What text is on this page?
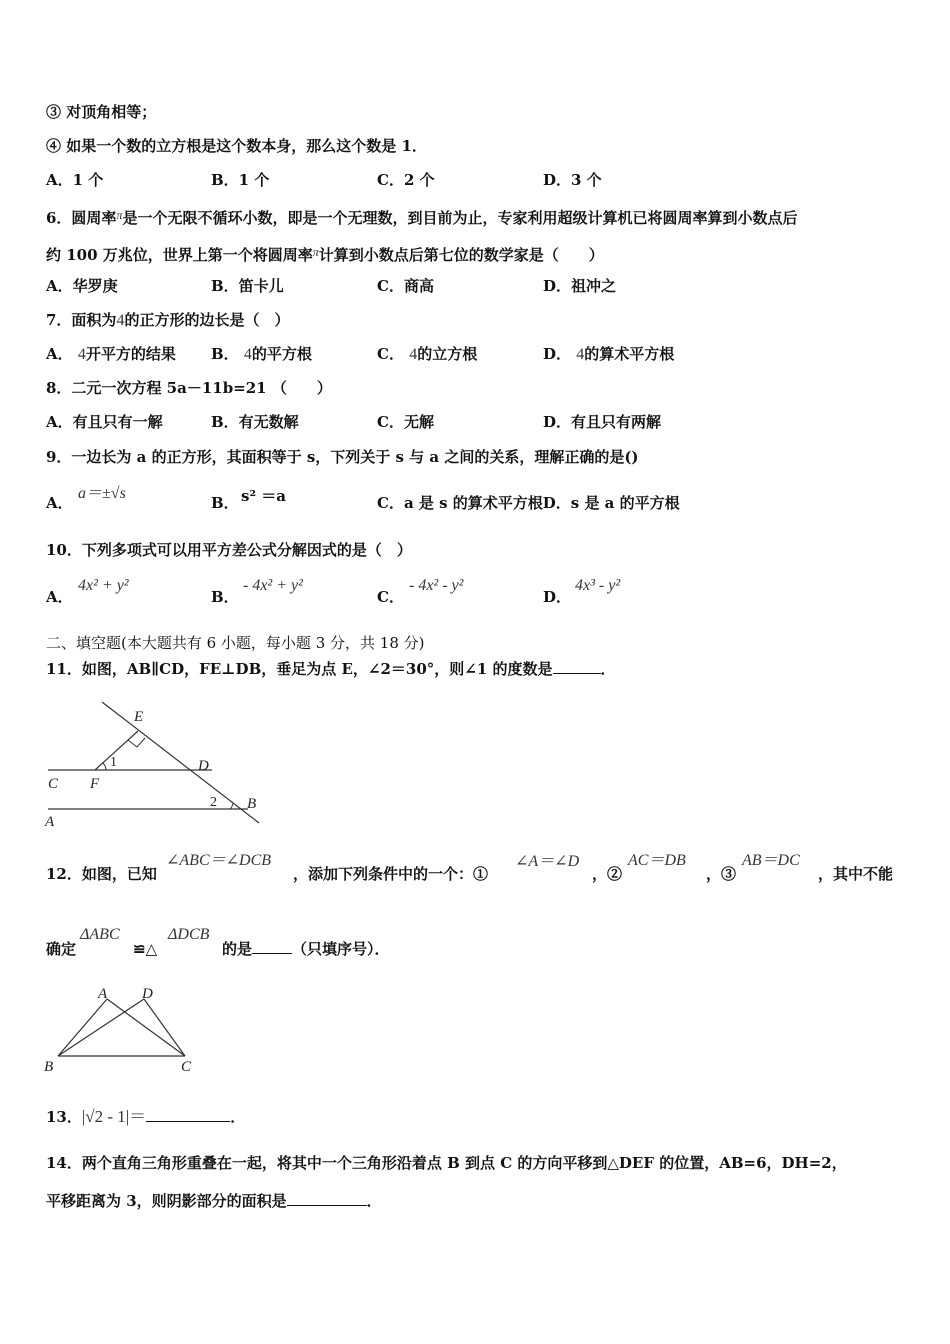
③ 对顶角相等；
④ 如果一个数的立方根是这个数本身，那么这个数是 1．
A．1 个	B．1 个	C．2 个	D．3 个
6．圆周率$^\pi$是一个无限不循环小数，即是一个无理数，到目前为止，专家利用超级计算机已将圆周率算到小数点后
约 100 万兆位，世界上第一个将圆周率$^\pi$计算到小数点后第七位的数学家是（　　）
A．华罗庚	B．笛卡儿	C．商高	D．祖冲之
7．面积为4的正方形的边长是（　）
A． 4开平方的结果 B． 4的平方根	C． 4的立方根	D． 4的算术平方根
8．二元一次方程 5a－11b=21 （　　）
A．有且只有一解	B．有无数解	C．无解	D．有且只有两解
9．一边长为 a 的正方形，其面积等于 s，下列关于 s 与 a 之间的关系，理解正确的是()
A．
a＝±√s
B． s² ＝a	C．a 是 s 的算术平方根D．s 是 a 的平方根
10．下列多项式可以用平方差公式分解因式的是（　）
A．
4x² + y²
B．
- 4x² + y²
C．
- 4x² - y²
D．
4x³ - y²
二、填空题(本大题共有 6 小题，每小题 3 分，共 18 分)
11．如图，AB∥CD，FE⊥DB，垂足为点 E，∠2＝30°，则∠1 的度数是	．
E
1	D
C F
2 B
A
12．如图，已知
∠ABC＝∠DCB
，添加下列条件中的一个：①
∠A＝∠D
，②
AC＝DB
，③
AB＝DC
，其中不能
确定
ΔABC
≌△
ΔDCB
的是	（只填序号）．
A D
B	C
13．|√2 - 1|＝	．
14．两个直角三角形重叠在一起，将其中一个三角形沿着点 B 到点 C 的方向平移到△DEF 的位置，AB=6，DH=2，
平移距离为 3，则阴影部分的面积是	．
